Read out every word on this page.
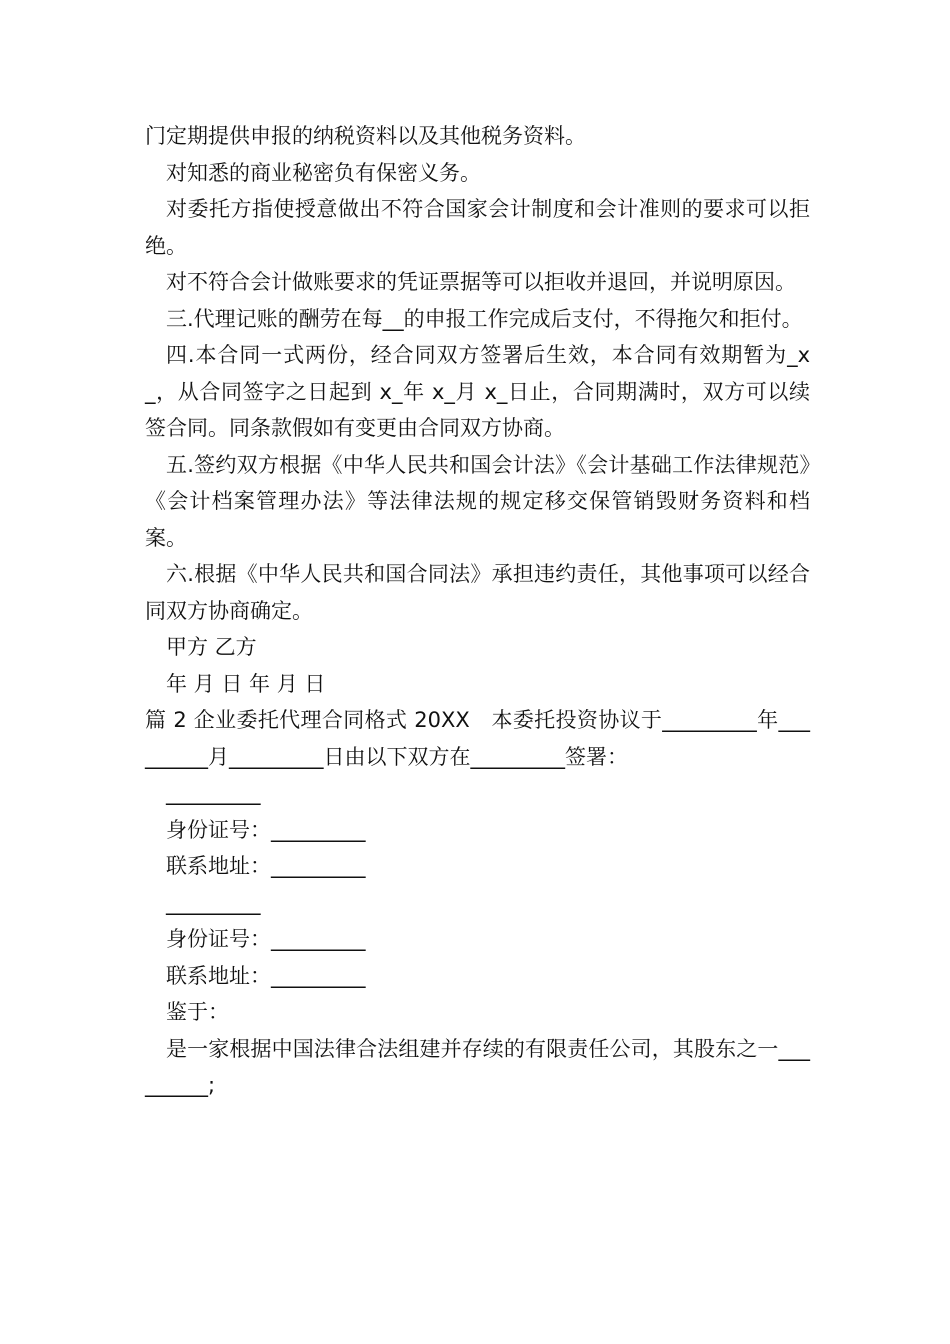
门定期提供申报的纳税资料以及其他税务资料。

对知悉的商业秘密负有保密义务。

对委托方指使授意做出不符合国家会计制度和会计准则的要求可以拒绝。

对不符合会计做账要求的凭证票据等可以拒收并退回，并说明原因。

三.代理记账的酬劳在每__的申报工作完成后支付，不得拖欠和拒付。

四.本合同一式两份，经合同双方签署后生效，本合同有效期暂为_x_，从合同签字之日起到 x_年 x_月 x_日止，合同期满时，双方可以续签合同。同条款假如有变更由合同双方协商。

五.签约双方根据《中华人民共和国会计法》《会计基础工作法律规范》《会计档案管理办法》等法律法规的规定移交保管销毁财务资料和档案。

六.根据《中华人民共和国合同法》承担违约责任，其他事项可以经合同双方协商确定。

甲方 乙方

年 月 日 年 月 日

篇 2 企业委托代理合同格式 20XX　本委托投资协议于_________年_________月_________日由以下双方在_________签署：

_________

身份证号：_________

联系地址：_________

_________

身份证号：_________

联系地址：_________

鉴于：

是一家根据中国法律合法组建并存续的有限责任公司，其股东之一_________;
